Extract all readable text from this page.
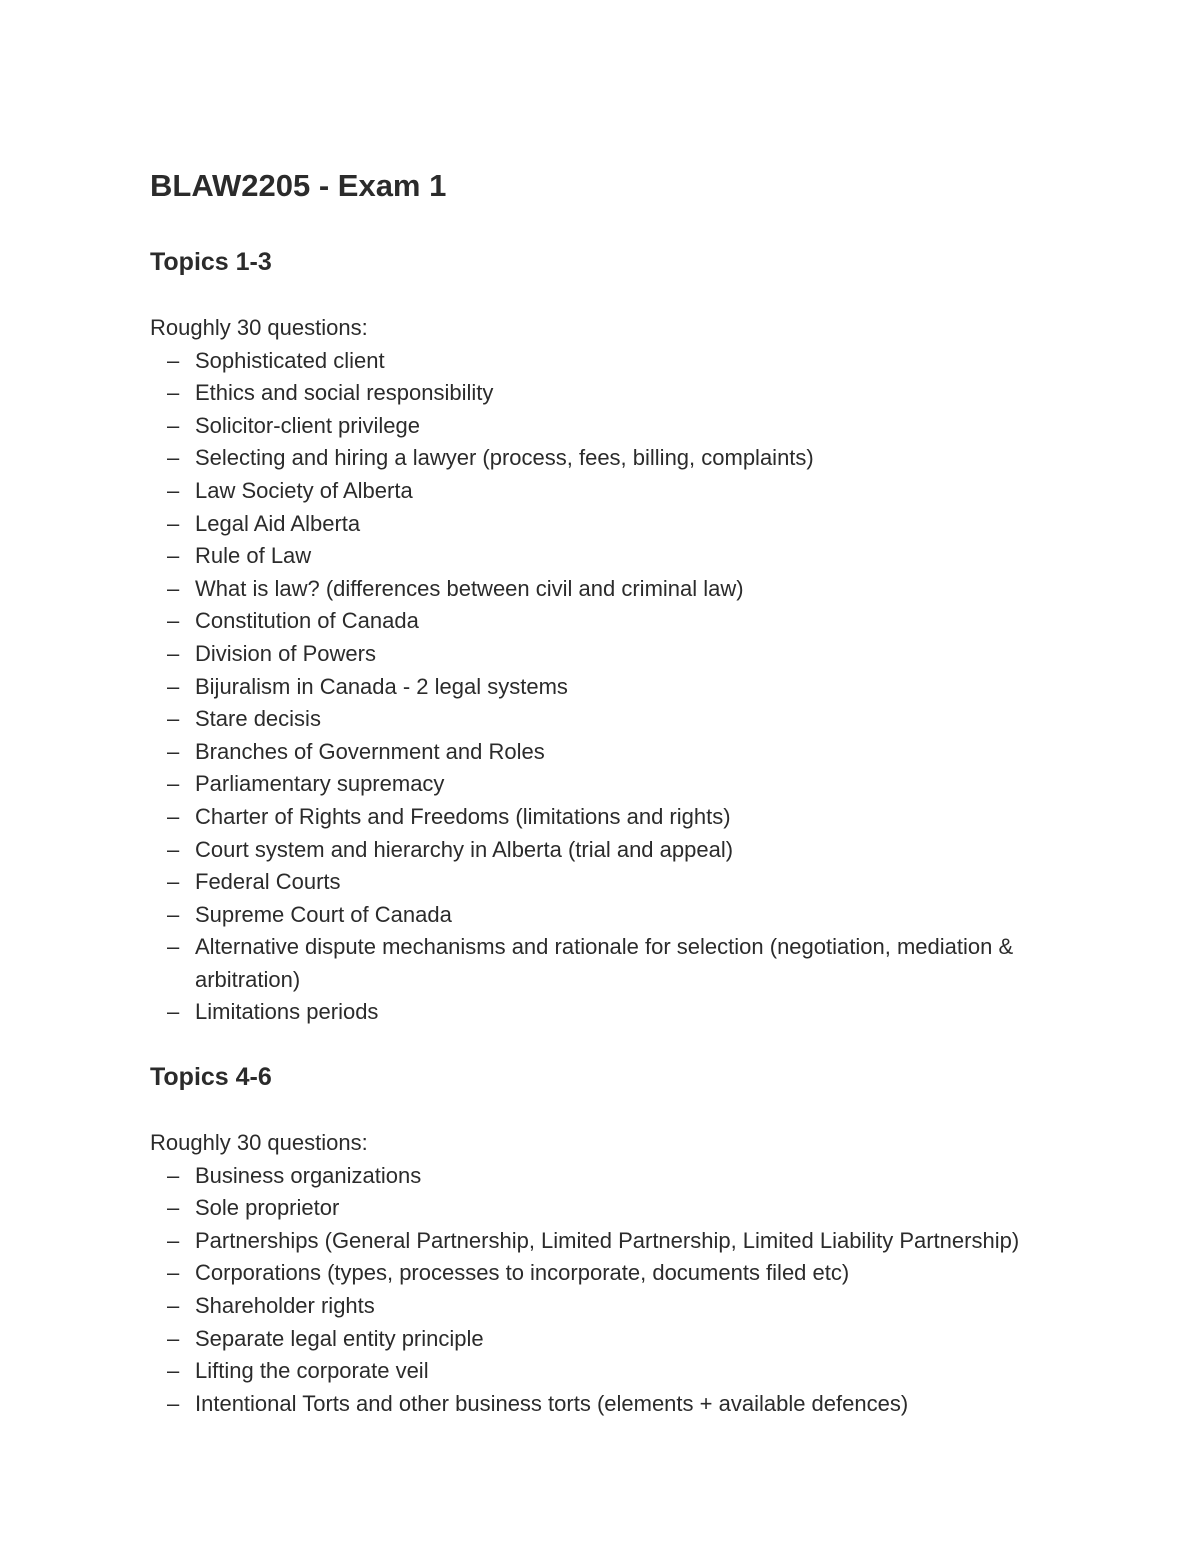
BLAW2205 - Exam 1
Topics 1-3

Roughly 30 questions:

– Sophisticated client
– Ethics and social responsibility
– Solicitor-client privilege
– Selecting and hiring a lawyer (process, fees, billing, complaints)
– Law Society of Alberta
– Legal Aid Alberta
– Rule of Law
– What is law? (differences between civil and criminal law)
– Constitution of Canada
– Division of Powers
– Bijuralism in Canada - 2 legal systems
– Stare decisis
– Branches of Government and Roles
– Parliamentary supremacy
– Charter of Rights and Freedoms (limitations and rights)
– Court system and hierarchy in Alberta (trial and appeal)
– Federal Courts
– Supreme Court of Canada
– Alternative dispute mechanisms and rationale for selection (negotiation, mediation & arbitration)
– Limitations periods
Topics 4-6

Roughly 30 questions:

– Business organizations
– Sole proprietor
– Partnerships (General Partnership, Limited Partnership, Limited Liability Partnership)
– Corporations (types, processes to incorporate, documents filed etc)
– Shareholder rights
– Separate legal entity principle
– Lifting the corporate veil
– Intentional Torts and other business torts (elements + available defences)
